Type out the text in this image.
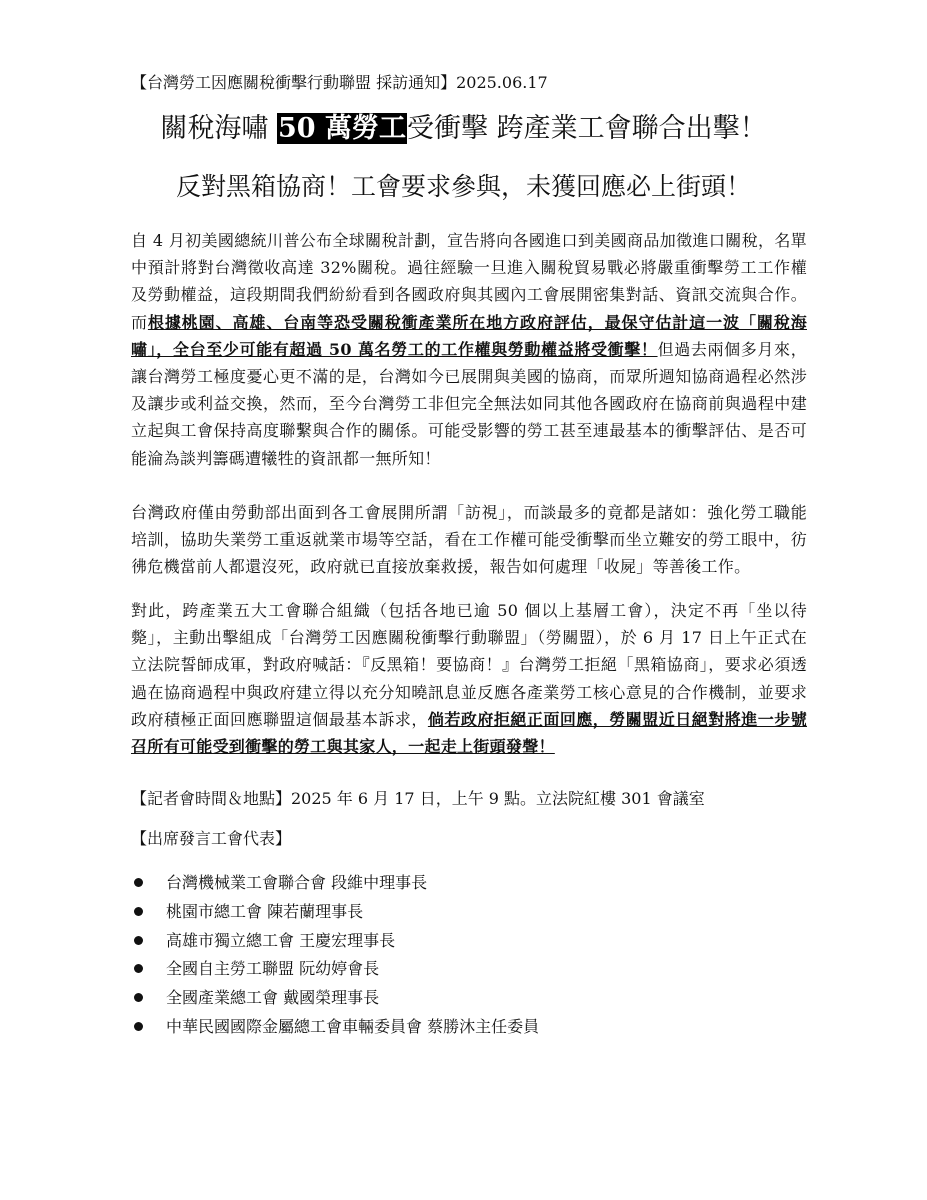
【台灣勞工因應關稅衝擊行動聯盟 採訪通知】2025.06.17
關稅海嘯 50 萬勞工受衝擊 跨產業工會聯合出擊！
反對黑箱協商！工會要求參與，未獲回應必上街頭！

自 4 月初美國總統川普公布全球關稅計劃，宣告將向各國進口到美國商品加徵進口關稅，名單中預計將對台灣徵收高達 32%關稅。過往經驗一旦進入關稅貿易戰必將嚴重衝擊勞工工作權及勞動權益，這段期間我們紛紛看到各國政府與其國內工會展開密集對話、資訊交流與合作。而根據桃園、高雄、台南等恐受關稅衝產業所在地方政府評估，最保守估計這一波「關稅海嘯」，全台至少可能有超過 50 萬名勞工的工作權與勞動權益將受衝擊！但過去兩個多月來，讓台灣勞工極度憂心更不滿的是，台灣如今已展開與美國的協商，而眾所週知協商過程必然涉及讓步或利益交換，然而，至今台灣勞工非但完全無法如同其他各國政府在協商前與過程中建立起與工會保持高度聯繫與合作的關係。可能受影響的勞工甚至連最基本的衝擊評估、是否可能淪為談判籌碼遭犧牲的資訊都一無所知！

台灣政府僅由勞動部出面到各工會展開所謂「訪視」，而談最多的竟都是諸如：強化勞工職能培訓，協助失業勞工重返就業市場等空話，看在工作權可能受衝擊而坐立難安的勞工眼中，彷彿危機當前人都還沒死，政府就已直接放棄救援，報告如何處理「收屍」等善後工作。

對此，跨產業五大工會聯合組織（包括各地已逾 50 個以上基層工會），決定不再「坐以待斃」，主動出擊組成「台灣勞工因應關稅衝擊行動聯盟」（勞關盟），於 6 月 17 日上午正式在立法院誓師成軍，對政府喊話：『反黑箱！要協商！』台灣勞工拒絕「黑箱協商」，要求必須透過在協商過程中與政府建立得以充分知曉訊息並反應各產業勞工核心意見的合作機制，並要求政府積極正面回應聯盟這個最基本訴求，倘若政府拒絕正面回應，勞關盟近日絕對將進一步號召所有可能受到衝擊的勞工與其家人，一起走上街頭發聲！

【記者會時間＆地點】2025 年 6 月 17 日，上午 9 點。立法院紅樓 301 會議室
【出席發言工會代表】
台灣機械業工會聯合會 段維中理事長
桃園市總工會 陳若蘭理事長
高雄市獨立總工會 王慶宏理事長
全國自主勞工聯盟 阮幼婷會長
全國產業總工會 戴國榮理事長
中華民國國際金屬總工會車輛委員會 蔡勝沐主任委員
